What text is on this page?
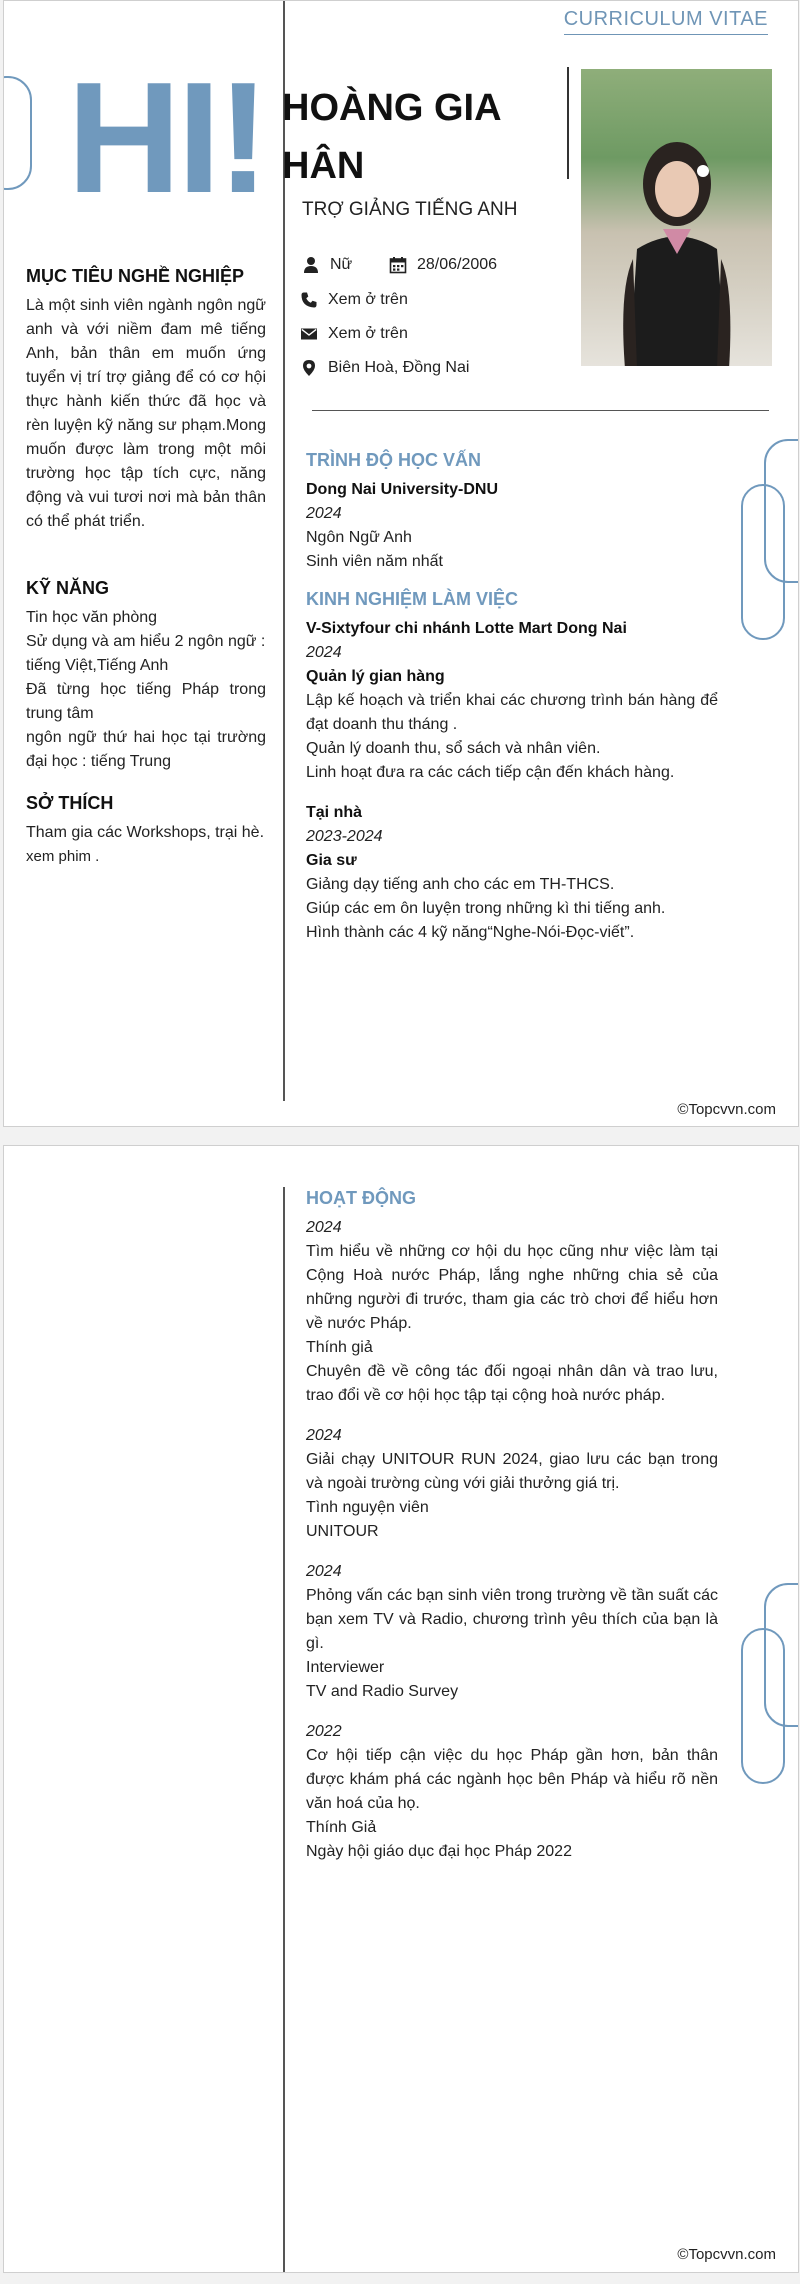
CURRICULUM VITAE
HI! HOÀNG GIA HÂN
TRỢ GIẢNG TIẾNG ANH
Nữ	28/06/2006
Xem ở trên
Xem ở trên
Biên Hoà, Đồng Nai
MỤC TIÊU NGHỀ NGHIỆP

Là một sinh viên ngành ngôn ngữ anh và với niềm đam mê tiếng Anh, bản thân em muốn ứng tuyển vị trí trợ giảng để có cơ hội thực hành kiến thức đã học và rèn luyện kỹ năng sư phạm.Mong muốn được làm trong một môi trường học tập tích cực, năng động và vui tươi nơi mà bản thân có thể phát triển.

KỸ NĂNG
Tin học văn phòng
Sử dụng và am hiểu 2 ngôn ngữ : tiếng Việt,Tiếng Anh
Đã từng học tiếng Pháp trong trung tâm
ngôn ngữ thứ hai học tại trường đại học : tiếng Trung
SỞ THÍCH
Tham gia các Workshops, trại hè.
xem phim .
TRÌNH ĐỘ HỌC VẤN
Dong Nai University-DNU
2024
Ngôn Ngữ Anh
Sinh viên năm nhất
KINH NGHIỆM LÀM VIỆC
V-Sixtyfour chi nhánh Lotte Mart Dong Nai
2024
Quản lý gian hàng
Lập kế hoạch và triển khai các chương trình bán hàng để đạt doanh thu tháng .
Quản lý doanh thu, sổ sách và nhân viên.
Linh hoạt đưa ra các cách tiếp cận đến khách hàng.
Tại nhà
2023-2024
Gia sư
Giảng dạy tiếng anh cho các em TH-THCS.
Giúp các em ôn luyện trong những kì thi tiếng anh.
Hình thành các 4 kỹ năng“Nghe-Nói-Đọc-viết”.
©Topcvvn.com
HOẠT ĐỘNG
2024
Tìm hiểu về những cơ hội du học cũng như việc làm tại Cộng Hoà nước Pháp, lắng nghe những chia sẻ của những người đi trước, tham gia các trò chơi để hiểu hơn về nước Pháp.
Thính giả
Chuyên đề về công tác đối ngoại nhân dân và trao lưu, trao đổi về cơ hội học tập tại cộng hoà nước pháp.
2024
Giải chạy UNITOUR RUN 2024, giao lưu các bạn trong và ngoài trường cùng với giải thưởng giá trị.
Tình nguyện viên
UNITOUR
2024
Phỏng vấn các bạn sinh viên trong trường về tần suất các bạn xem TV và Radio, chương trình yêu thích của bạn là gì.
Interviewer
TV and Radio Survey
2022
Cơ hội tiếp cận việc du học Pháp gần hơn, bản thân được khám phá các ngành học bên Pháp và hiểu rõ nền văn hoá của họ.
Thính Giả
Ngày hội giáo dục đại học Pháp 2022
©Topcvvn.com
